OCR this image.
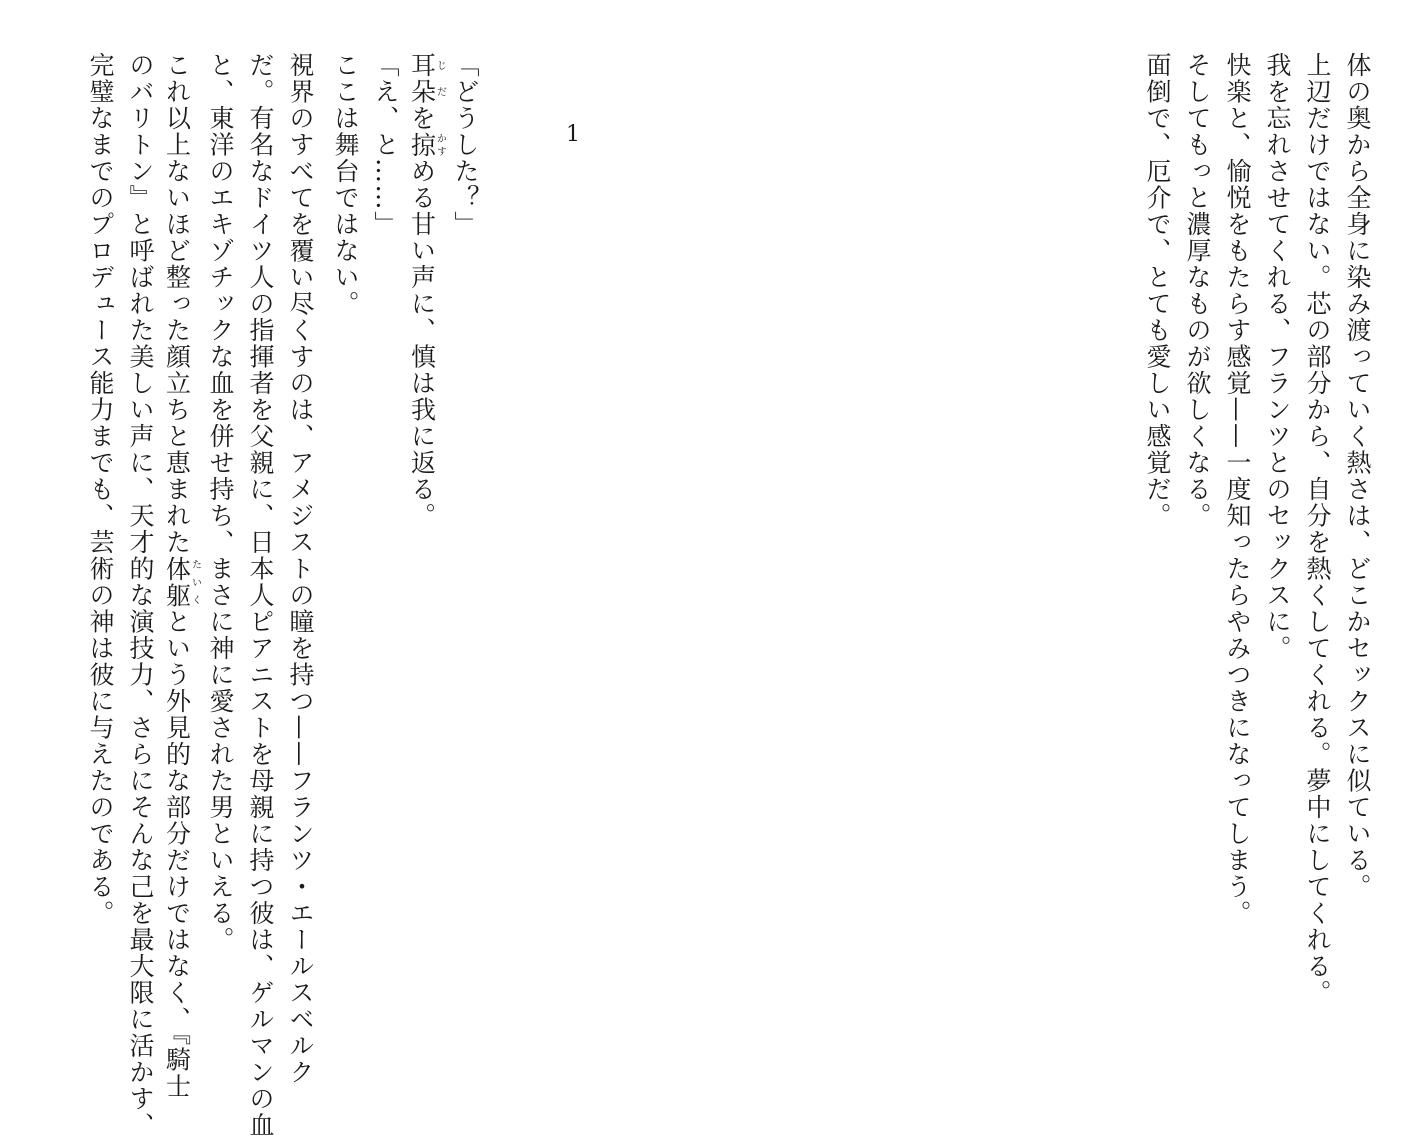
体の奥から全身に染み渡っていく熱さは、どこかセックスに似ている。
上辺だけではない。芯の部分から、自分を熱くしてくれる。夢中にしてくれる。
我を忘れさせてくれる、フランツとのセックスに。
快楽と、愉悦をもたらす感覚——一度知ったらやみつきになってしまう。
そしてもっと濃厚なものが欲しくなる。
面倒で、厄介で、とても愛しい感覚だ。
1
「どうした？」
耳朵じだを掠かすめる甘い声に、慎は我に返る。
「え、と……」
ここは舞台ではない。
視界のすべてを覆い尽くすのは、アメジストの瞳を持つ——フランツ・エールスベルク
と、東洋のエキゾチックな血を併せ持ち、まさに神に愛された男といえる。 だ。有名なドイツ人の指揮者を父親に、日本人ピアニストを母親に持つ彼は、ゲルマンの血
これ以上ないほど整った顔立ちと恵まれた体躯たいくという外見的な部分だけではなく、『騎士
のバリトン』と呼ばれた美しい声に、天才的な演技力、さらにそんな己を最大限に活かす、
完璧なまでのプロデュース能力までも、芸術の神は彼に与えたのである。
